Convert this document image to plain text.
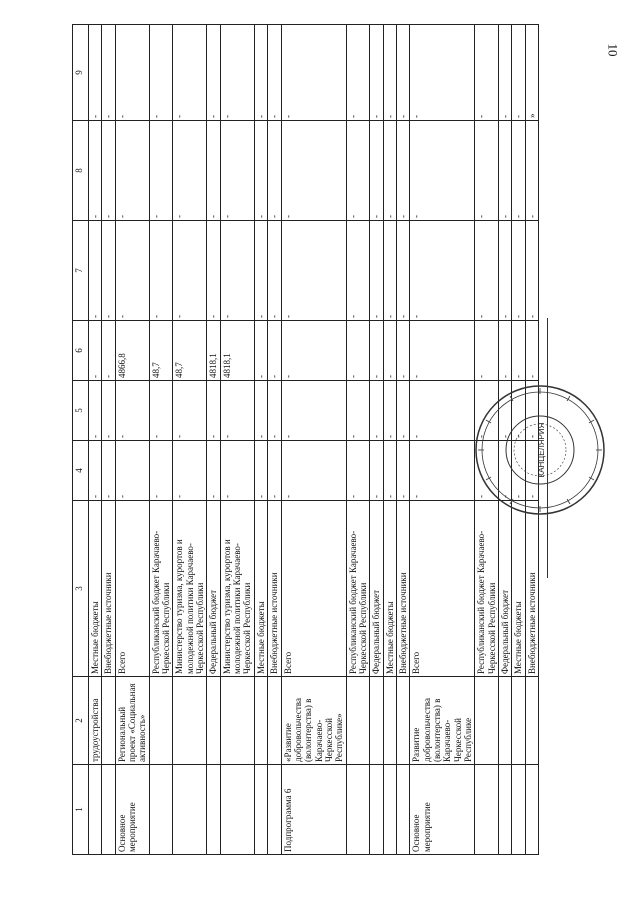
10
1	2	3	4	5	6	7	8	9
	трудоустройства	Местные бюджеты	-	-	-	-	-	-
		Внебюджетные источники	-	-	-	-	-	-
Основное мероприятие	Региональный проект «Социальная активность»	Всего	-	-	4866,8	-	-	-
		Республиканский бюджет Карачаево-Черкесской Республики	-	-	48,7	-	-	-
		Министерство туризма, курортов и молодежной политики Карачаево-Черкесской Республики	-	-	48,7	-	-	-
		Федеральный бюджет	-	-	4818,1	-	-	-
		Министерство туризма, курортов и молодежной политики Карачаево-Черкесской Республики	-	-	4818,1	-	-	-
		Местные бюджеты	-	-	-	-	-	-
		Внебюджетные источники	-	-	-	-	-	-
Подпрограмма 6	«Развитие добровольчества (волонтерства) в Карачаево-Черкесской Республике»	Всего	-	-	-	-	-	-
		Республиканский бюджет Карачаево-Черкесской Республики	-	-	-	-	-	-
		Федеральный бюджет	-	-	-	-	-	-
		Местные бюджеты	-	-	-	-	-	-
		Внебюджетные источники	-	-	-	-	-	-
Основное мероприятие	Развитие добровольчества (волонтерства) в Карачаево-Черкесской Республике	Всего	-	-	-	-	-	-
		Республиканский бюджет Карачаево-Черкесской Республики	-	-	-	-	-	-
		Федеральный бюджет	-	-	-	-	-	-
		Местные бюджеты	-	-	-	-	-	-
		Внебюджетные источники	-	-	-	-	-	»
КАНЦЕЛЯРИЯ
